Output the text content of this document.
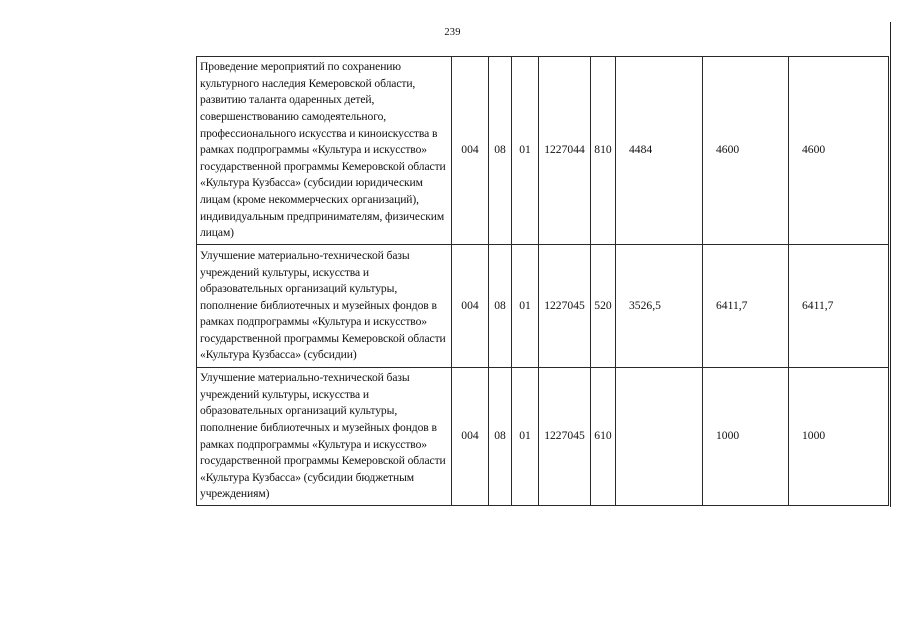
239
Проведение мероприятий по сохранению культурного наследия Кемеровской области, развитию таланта одаренных детей, совершенствованию самодеятельного, профессионального искусства и киноискусства в рамках подпрограммы «Культура и искусство» государственной программы Кемеровской области «Культура Кузбасса» (субсидии юридическим лицам (кроме некоммерческих организаций), индивидуальным предпринимателям, физическим лицам)	004	08	01	1227044	810	4484	4600	4600
Улучшение материально-технической базы учреждений культуры, искусства и образовательных организаций культуры, пополнение библиотечных и музейных фондов в рамках подпрограммы «Культура и искусство» государственной программы Кемеровской области «Культура Кузбасса» (субсидии)	004	08	01	1227045	520	3526,5	6411,7	6411,7
Улучшение материально-технической базы учреждений культуры, искусства и образовательных организаций культуры, пополнение библиотечных и музейных фондов в рамках подпрограммы «Культура и искусство» государственной программы Кемеровской области «Культура Кузбасса» (субсидии бюджетным учреждениям)	004	08	01	1227045	610		1000	1000
